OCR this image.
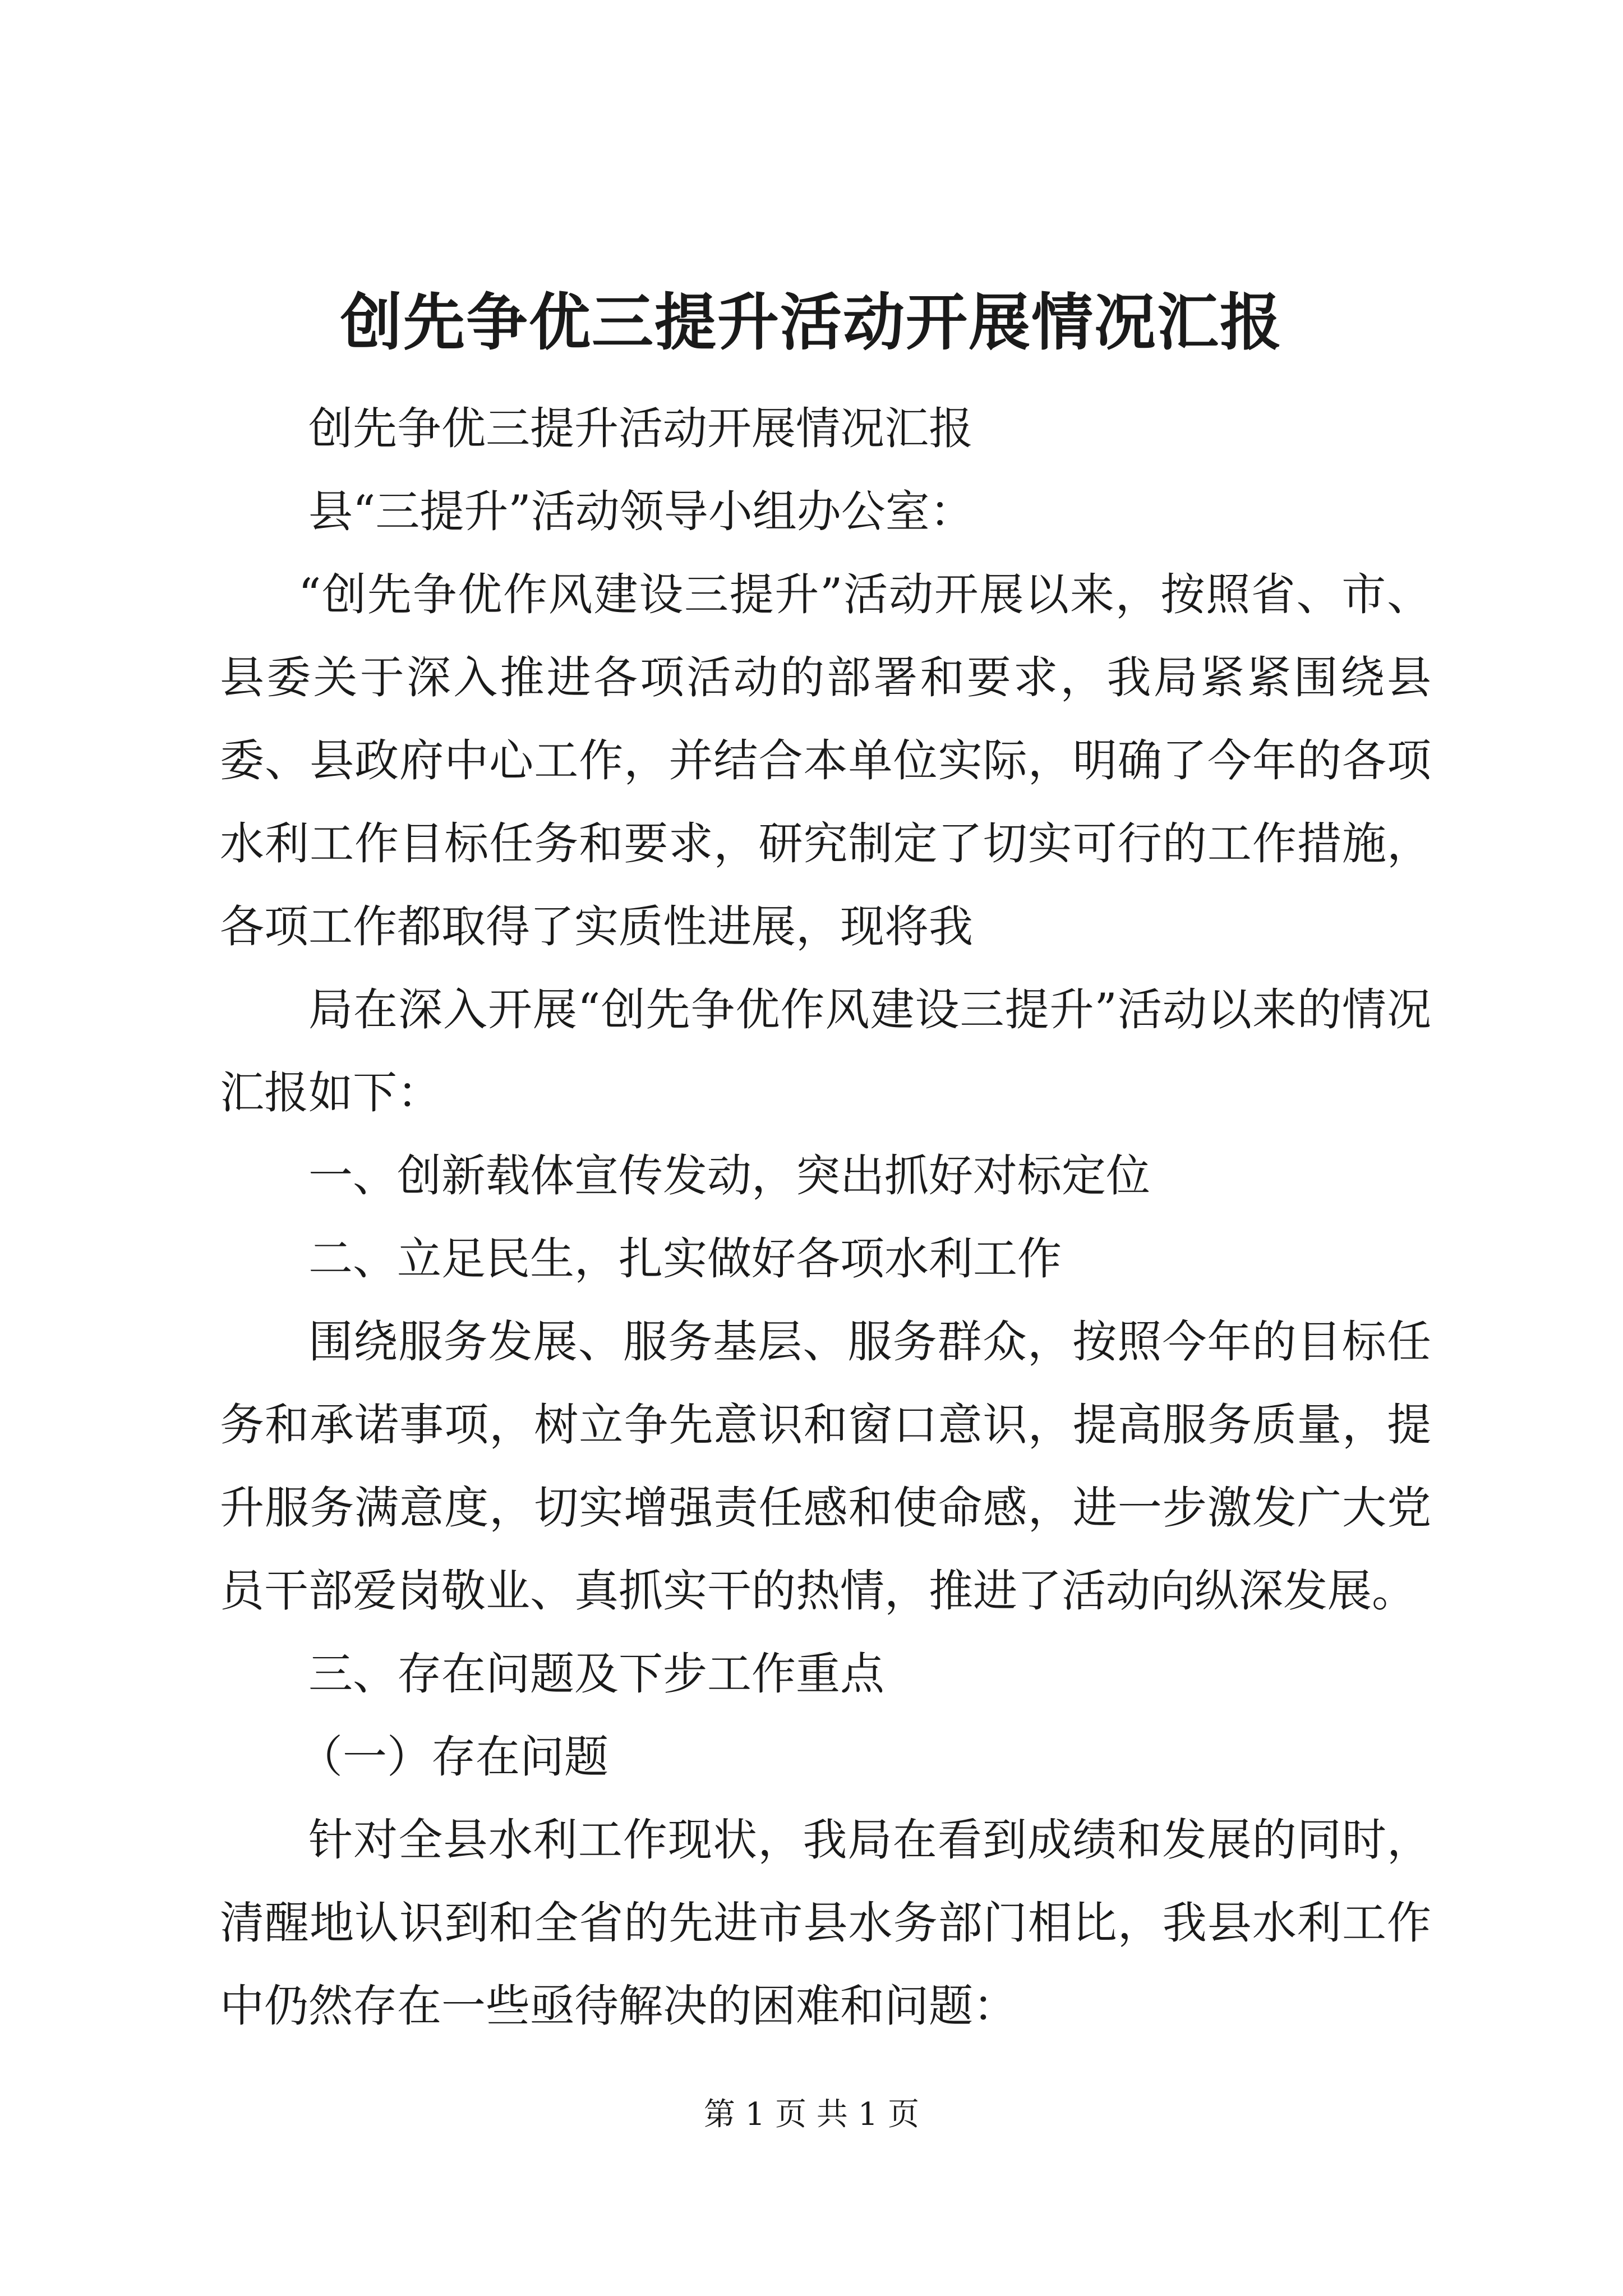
创先争优三提升活动开展情况汇报

创先争优三提升活动开展情况汇报

县“三提升”活动领导小组办公室：

“创先争优作风建设三提升”活动开展以来，按照省、市、县委关于深入推进各项活动的部署和要求，我局紧紧围绕县委、县政府中心工作，并结合本单位实际，明确了今年的各项水利工作目标任务和要求，研究制定了切实可行的工作措施，各项工作都取得了实质性进展，现将我

局在深入开展“创先争优作风建设三提升”活动以来的情况汇报如下：

一、创新载体宣传发动，突出抓好对标定位

二、立足民生，扎实做好各项水利工作

围绕服务发展、服务基层、服务群众，按照今年的目标任务和承诺事项，树立争先意识和窗口意识，提高服务质量，提升服务满意度，切实增强责任感和使命感，进一步激发广大党员干部爱岗敬业、真抓实干的热情，推进了活动向纵深发展。

三、存在问题及下步工作重点

（一）存在问题

针对全县水利工作现状，我局在看到成绩和发展的同时，清醒地认识到和全省的先进市县水务部门相比，我县水利工作中仍然存在一些亟待解决的困难和问题：

第 1 页 共 1 页
